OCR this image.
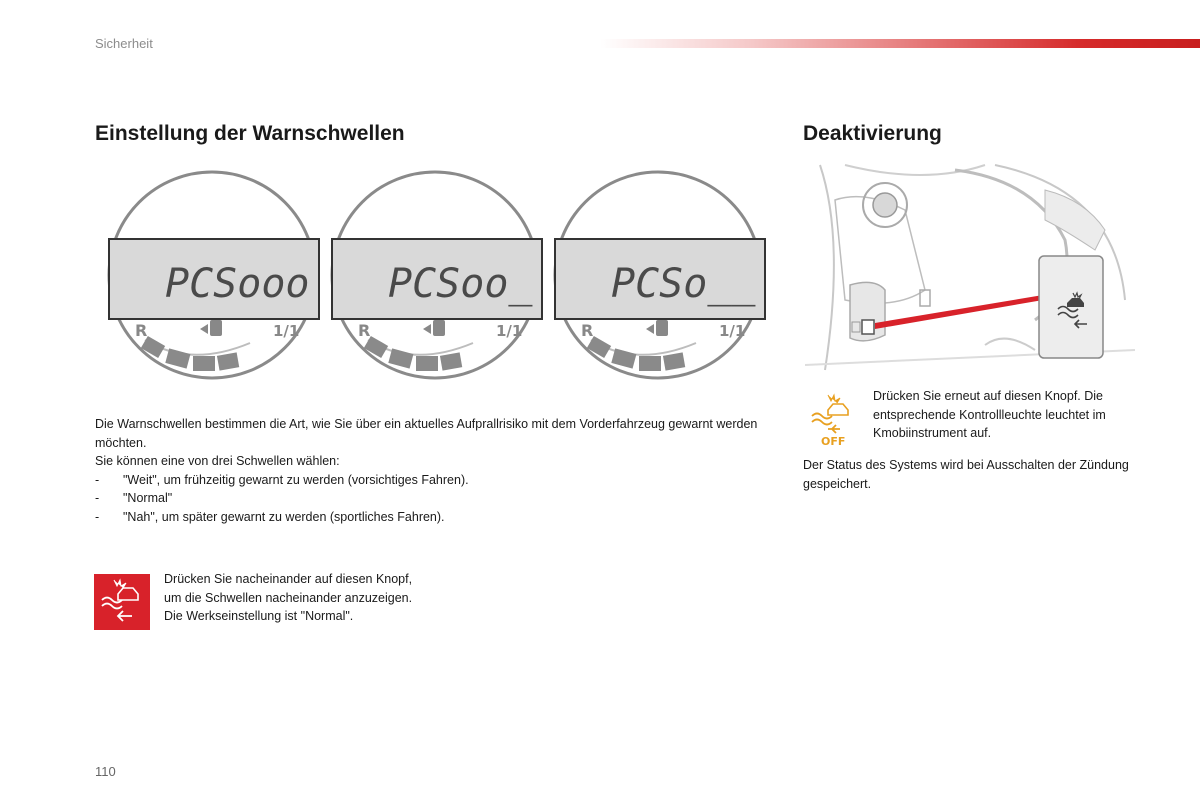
Sicherheit
Einstellung der Warnschwellen	Deaktivierung
PCSooo
R	1/1
PCSoo_
R	1/1
PCSo__
R	1/1
OFF
Drücken Sie erneut auf diesen Knopf. Die entsprechende Kontrollleuchte leuchtet im Kmobiinstrument auf.
Der Status des Systems wird bei Ausschalten der Zündung gespeichert.
Die Warnschwellen bestimmen die Art, wie Sie über ein aktuelles Aufprallrisiko mit dem Vorderfahrzeug gewarnt werden möchten.
Sie können eine von drei Schwellen wählen:
- "Weit", um frühzeitig gewarnt zu werden (vorsichtiges Fahren).
- "Normal"
- "Nah", um später gewarnt zu werden (sportliches Fahren).
Drücken Sie nacheinander auf diesen Knopf, um die Schwellen nacheinander anzuzeigen.
Die Werkseinstellung ist "Normal".
110
